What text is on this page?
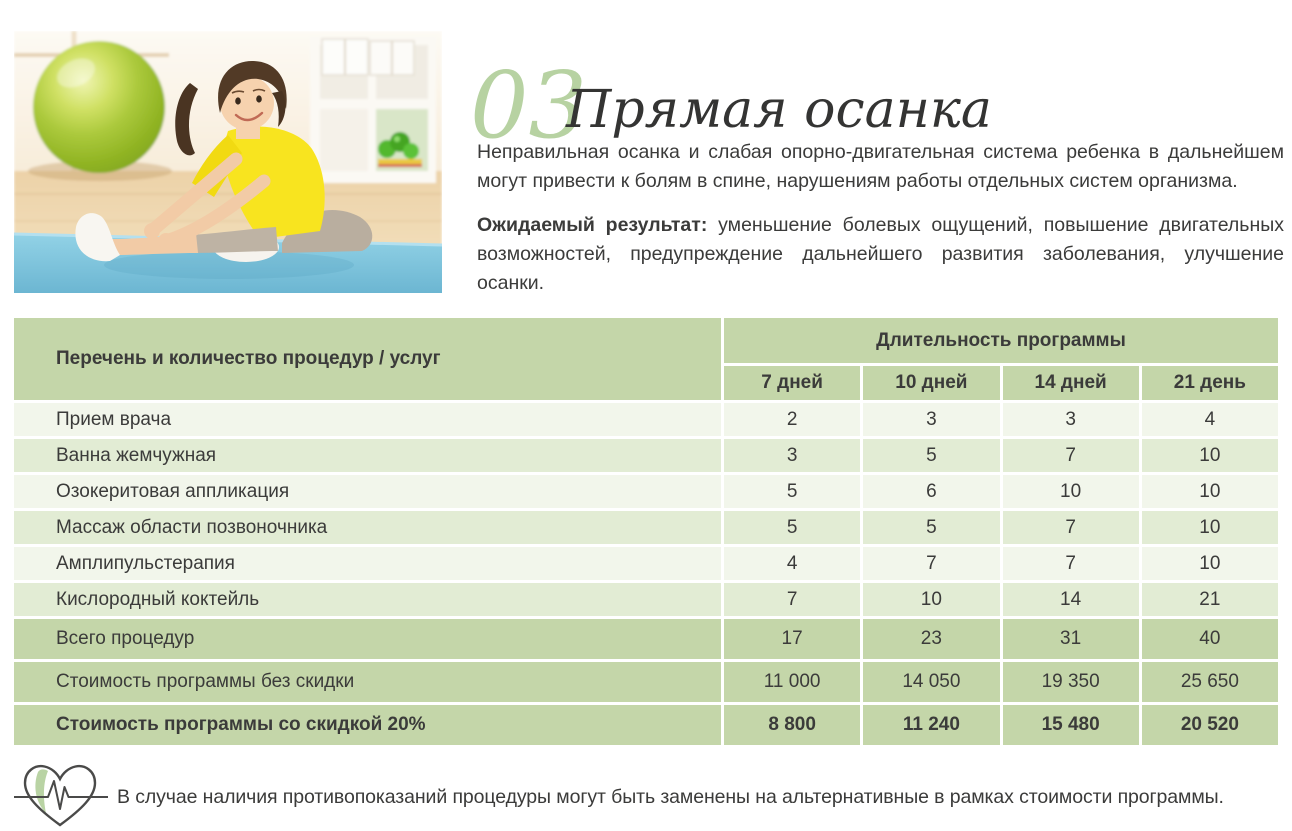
03
Прямая осанка

Неправильная осанка и слабая опорно-двигательная система ребенка в дальнейшем могут привести к болям в спине, нарушениям работы отдельных систем организма.

Ожидаемый результат: уменьшение болевых ощущений, повышение двигательных возможностей, предупреждение дальнейшего развития заболевания, улучшение осанки.

Перечень и количество процедур / услуг
Длительность программы
7 дней	10 дней	14 дней	21 день
Прием врача	2	3	3	4
Ванна жемчужная	3	5	7	10
Озокеритовая аппликация	5	6	10	10
Массаж области позвоночника	5	5	7	10
Амплипульстерапия	4	7	7	10
Кислородный коктейль	7	10	14	21
Всего процедур	17	23	31	40
Стоимость программы без скидки	11 000	14 050	19 350	25 650
Стоимость программы со скидкой 20%	8 800	11 240	15 480	20 520
В случае наличия противопоказаний процедуры могут быть заменены на альтернативные в рамках стоимости программы.
